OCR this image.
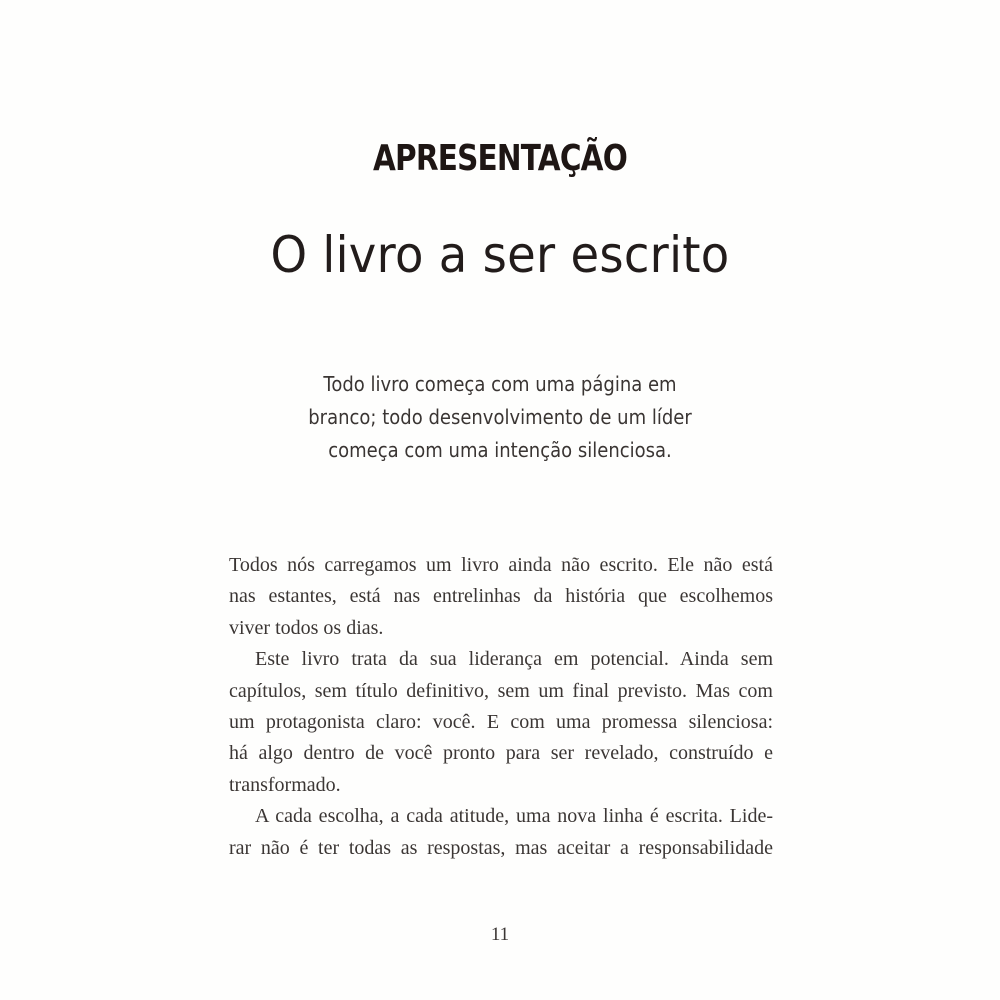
APRESENTAÇÃO
O livro a ser escrito
Todo livro começa com uma página em
branco; todo desenvolvimento de um líder
começa com uma intenção silenciosa.
Todos nós carregamos um livro ainda não escrito. Ele não está
nas estantes, está nas entrelinhas da história que escolhemos
viver todos os dias.
Este livro trata da sua liderança em potencial. Ainda sem
capítulos, sem título definitivo, sem um final previsto. Mas com
um protagonista claro: você. E com uma promessa silenciosa:
há algo dentro de você pronto para ser revelado, construído e
transformado.
A cada escolha, a cada atitude, uma nova linha é escrita. Lide-
rar não é ter todas as respostas, mas aceitar a responsabilidade
11
